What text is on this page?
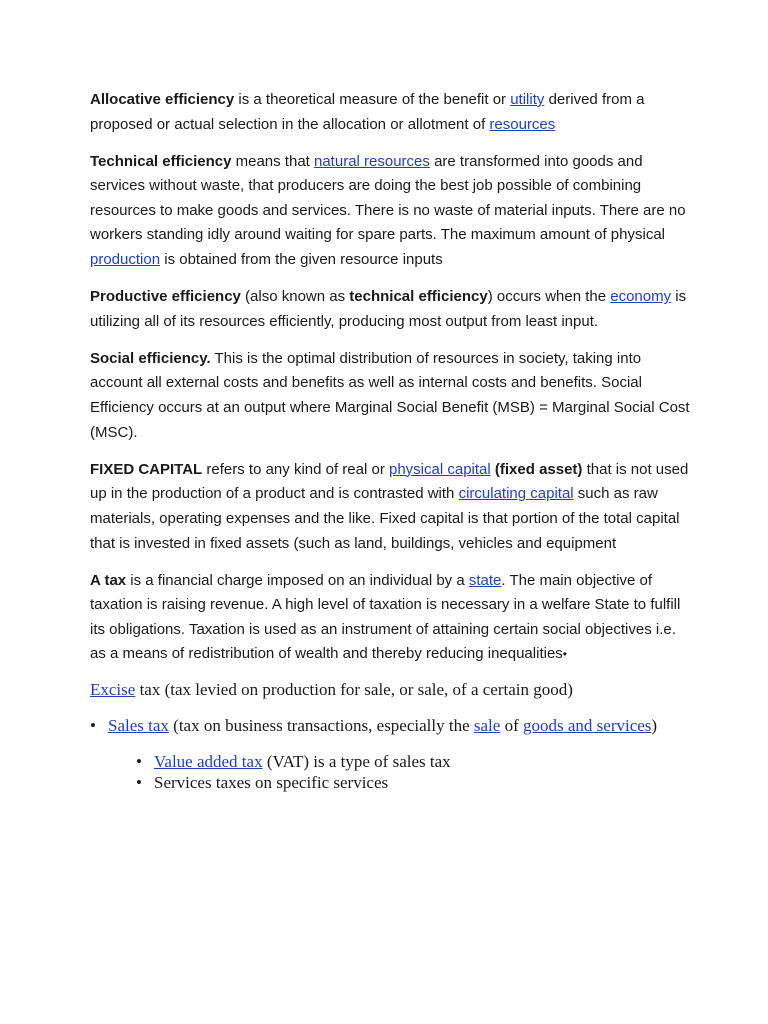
Allocative efficiency is a theoretical measure of the benefit or utility derived from a proposed or actual selection in the allocation or allotment of resources

Technical efficiency means that natural resources are transformed into goods and services without waste, that producers are doing the best job possible of combining resources to make goods and services. There is no waste of material inputs. There are no workers standing idly around waiting for spare parts. The maximum amount of physical production is obtained from the given resource inputs

Productive efficiency (also known as technical efficiency) occurs when the economy is utilizing all of its resources efficiently, producing most output from least input.

Social efficiency. This is the optimal distribution of resources in society, taking into account all external costs and benefits as well as internal costs and benefits. Social Efficiency occurs at an output where Marginal Social Benefit (MSB) = Marginal Social Cost (MSC).

FIXED CAPITAL refers to any kind of real or physical capital (fixed asset) that is not used up in the production of a product and is contrasted with circulating capital such as raw materials, operating expenses and the like. Fixed capital is that portion of the total capital that is invested in fixed assets (such as land, buildings, vehicles and equipment

A tax is a financial charge imposed on an individual by a state. The main objective of taxation is raising revenue. A high level of taxation is necessary in a welfare State to fulfill its obligations. Taxation is used as an instrument of attaining certain social objectives i.e. as a means of redistribution of wealth and thereby reducing inequalities•

Excise tax (tax levied on production for sale, or sale, of a certain good)

• Sales tax (tax on business transactions, especially the sale of goods and services)
• Value added tax (VAT) is a type of sales tax
• Services taxes on specific services
